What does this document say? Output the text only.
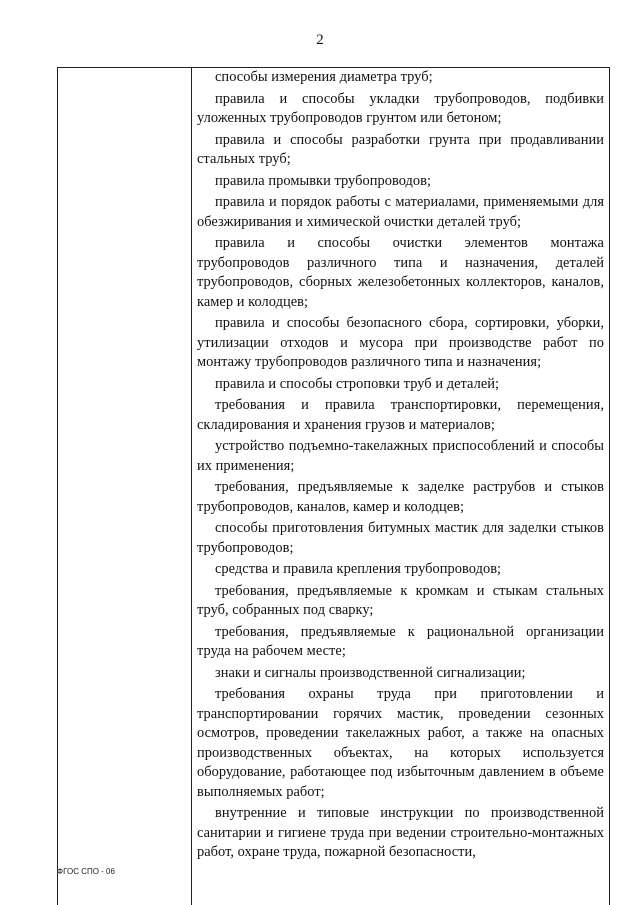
2

способы измерения диаметра труб;

правила и способы укладки трубопроводов, подбивки уложенных трубопроводов грунтом или бетоном;

правила и способы разработки грунта при продавливании стальных труб;

правила промывки трубопроводов;

правила и порядок работы с материалами, применяемыми для обезжиривания и химической очистки деталей труб;

правила и способы очистки элементов монтажа трубопроводов различного типа и назначения, деталей трубопроводов, сборных железобетонных коллекторов, каналов, камер и колодцев;

правила и способы безопасного сбора, сортировки, уборки, утилизации отходов и мусора при производстве работ по монтажу трубопроводов различного типа и назначения;

правила и способы строповки труб и деталей;

требования и правила транспортировки, перемещения, складирования и хранения грузов и материалов;

устройство подъемно-такелажных приспособлений и способы их применения;

требования, предъявляемые к заделке раструбов и стыков трубопроводов, каналов, камер и колодцев;

способы приготовления битумных мастик для заделки стыков трубопроводов;

средства и правила крепления трубопроводов;

требования, предъявляемые к кромкам и стыкам стальных труб, собранных под сварку;

требования, предъявляемые к рациональной организации труда на рабочем месте;

знаки и сигналы производственной сигнализации;

требования охраны труда при приготовлении и транспортировании горячих мастик, проведении сезонных осмотров, проведении такелажных работ, а также на опасных производственных объектах, на которых используется оборудование, работающее под избыточным давлением в объеме выполняемых работ;

внутренние и типовые инструкции по производственной санитарии и гигиене труда при ведении строительно-монтажных работ, охране труда, пожарной безопасности,

ФГОС СПО - 06
